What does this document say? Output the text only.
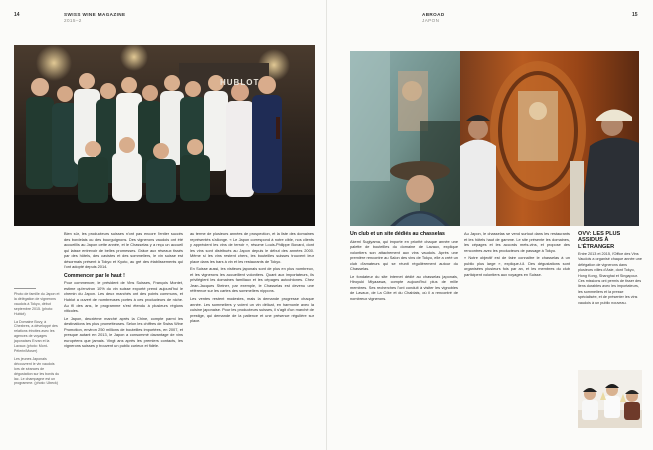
SWISS WINE MAGAZINE
2015–2
14
HUBLOT

Photo de famille du Japon et la délégation de vignerons vaudois à Tokyo, début septembre 2015. (photo: Hublot)

La Domaine Bovy, à Chexbres, a développé des relations étroites avec les agences de voyages japonaises Ervan et la Lavaux (photo: Mont-Pèlerin/Moser)

Les jeunes Japonais découvrent le vin vaudois lors de séances de dégustation sur les bords du lac. Le champagne est un programme. (photo: Ubeck)

Bien sûr, les producteurs suisses n'ont pas encore l'entier succès des bordelais ou des bourguignons. Des vignerons vaudois ont été accueillis au Japon cette année, et le Chasselas y a reçu un accueil qui laisse entrevoir de belles promesses. Grâce aux réseaux tissés par des hôtels, des cavistes et des sommeliers, le vin suisse est désormais présent à Tokyo et Kyoto, au gré des établissements qui l'ont adopté depuis 2014.

Commencer par le haut !

Pour commencer, le président de Vins Suisses, François Montet, estime qu'environ 10% du vin suisse exporté prend aujourd'hui le chemin du Japon. Les deux marchés ont des points communs, et Hublot a ouvert de nombreuses portes à ces producteurs de niche. Au fil des ans, le programme s'est étendu à plusieurs régions viticoles.

Le Japon, deuxième marché après la Chine, compte parmi les destinations les plus prometteuses. Selon les chiffres de Swiss Wine Promotion, environ 250 millions de bouteilles importées, en 2007, et presque autant en 2013, le Japon a consommé davantage de vins européens que jamais. Vingt ans après les premiers contacts, les vignerons suisses y trouvent un public curieux et fidèle.

au terme de plusieurs années de prospection, et la liste des domaines représentés s'allonge. « Le Japon correspond à notre cible, nos clients y apprécient les vins de terroir », résume Louis-Philippe Bovard, dont les vins sont distribués au Japon depuis le début des années 2000. Même si les vins restent chers, les bouteilles suisses trouvent leur place dans les bars à vin et les restaurants de Tokyo.

En Suisse aussi, les visiteurs japonais sont de plus en plus nombreux, et les vignerons les accueillent volontiers. Quant aux importateurs, ils privilégient les domaines familiaux et les cépages autochtones. Chez Jean-Jacques Steiner, par exemple, le Chasselas est devenu une référence sur les cartes des sommeliers nippons.

Les ventes restent modestes, mais la demande progresse chaque année. Les sommeliers y voient un vin délicat, en harmonie avec la cuisine japonaise. Pour les producteurs suisses, il s'agit d'un marché de prestige, qui demande de la patience et une présence régulière sur place.

ABROAD
JAPON
15
Un club et un site dédiés au chasselas

Akemi Sugiyama, qui importe en priorité chaque année une palette de bouteilles du domaine de Lavaux, explique volontiers son attachement aux vins vaudois. Après une première rencontre au Salon des vins de Tokyo, elle a créé un club d'amateurs qui se réunit régulièrement autour du Chasselas.

Le fondateur du site internet dédié au chasselas japonais, Hiroyuki Miyazawa, compte aujourd'hui plus de mille membres. Ses recherches l'ont conduit à visiter les vignobles de Lavaux, de La Côte et du Chablais, où il a rencontré de nombreux vignerons.

Au Japon, le chasselas se vend surtout dans les restaurants et les hôtels haut de gamme. Le site présente les domaines, les cépages et les accords mets-vins, et propose des rencontres avec les producteurs de passage à Tokyo.

« Notre objectif est de faire connaître le chasselas à un public plus large », explique-t-il. Des dégustations sont organisées plusieurs fois par an, et les membres du club participent volontiers aux voyages en Suisse.

OVV: LES PLUS ASSIDUS À L'ÉTRANGER
Entre 2013 et 2015, l'Office des Vins Vaudois a organisé chaque année une délégation de vignerons dans plusieurs villes d'Asie, dont Tokyo, Hong Kong, Shanghai et Singapour. Ces missions ont permis de tisser des liens durables avec les importateurs, les sommeliers et la presse spécialisée, et de présenter les vins vaudois à un public nouveau.
